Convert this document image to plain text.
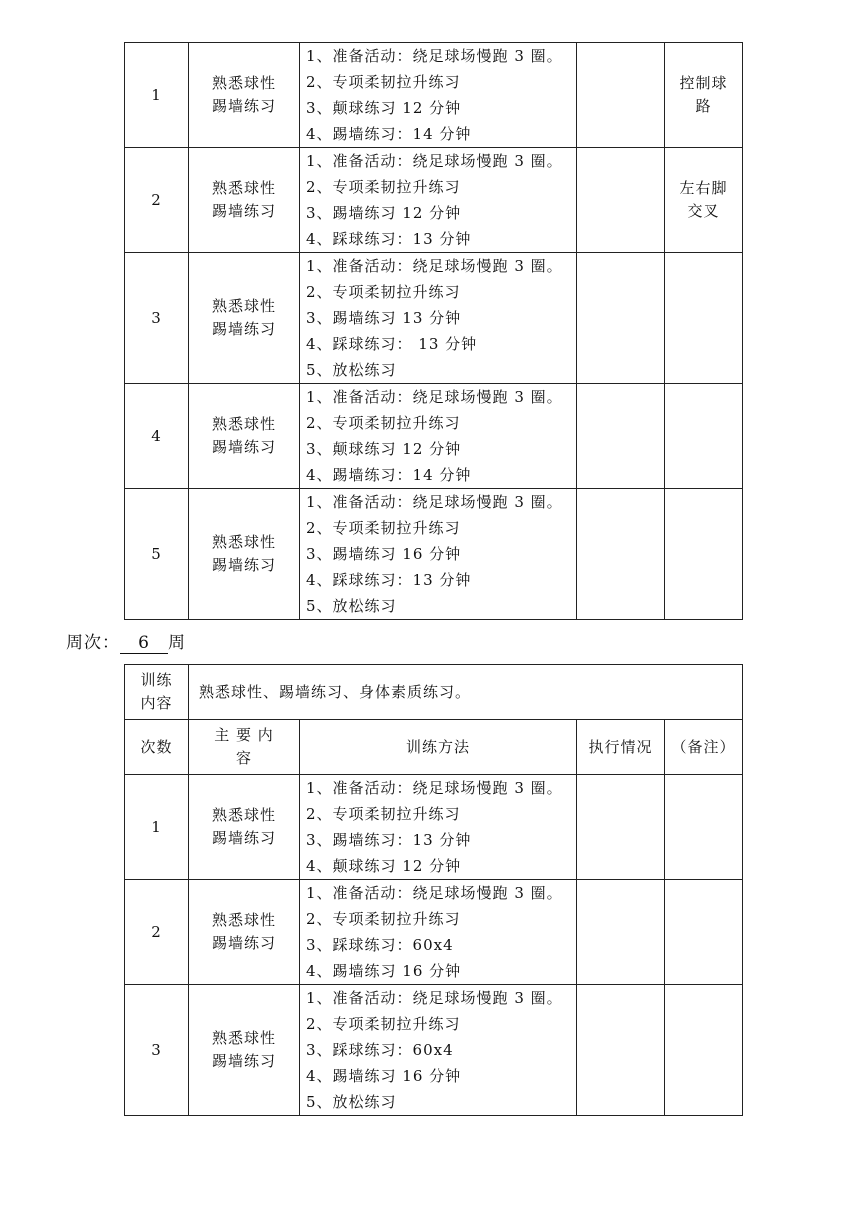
1	熟悉球性
踢墙练习	1、准备活动：绕足球场慢跑 3 圈。
2、专项柔韧拉升练习
3、颠球练习 12 分钟
4、踢墙练习：14 分钟		控制球
路

2	熟悉球性
踢墙练习	1、准备活动：绕足球场慢跑 3 圈。
2、专项柔韧拉升练习
3、踢墙练习 12 分钟
4、踩球练习：13 分钟		左右脚
交叉

3	熟悉球性
踢墙练习	1、准备活动：绕足球场慢跑 3 圈。
2、专项柔韧拉升练习
3、踢墙练习 13 分钟
4、踩球练习： 13 分钟
5、放松练习		

4	熟悉球性
踢墙练习	1、准备活动：绕足球场慢跑 3 圈。
2、专项柔韧拉升练习
3、颠球练习 12 分钟
4、踢墙练习：14 分钟		

5	熟悉球性
踢墙练习	1、准备活动：绕足球场慢跑 3 圈。
2、专项柔韧拉升练习
3、踢墙练习 16 分钟
4、踩球练习：13 分钟
5、放松练习		

周次： 6 周
训练
内容	熟悉球性、踢墙练习、身体素质练习。			
次数	主 要 内
容	训练方法	执行情况	（备注）
1	熟悉球性
踢墙练习	1、准备活动：绕足球场慢跑 3 圈。
2、专项柔韧拉升练习
3、踢墙练习：13 分钟
4、颠球练习 12 分钟		

2	熟悉球性
踢墙练习	1、准备活动：绕足球场慢跑 3 圈。
2、专项柔韧拉升练习
3、踩球练习：60x4
4、踢墙练习 16 分钟		

3	熟悉球性
踢墙练习	1、准备活动：绕足球场慢跑 3 圈。
2、专项柔韧拉升练习
3、踩球练习：60x4
4、踢墙练习 16 分钟
5、放松练习		
